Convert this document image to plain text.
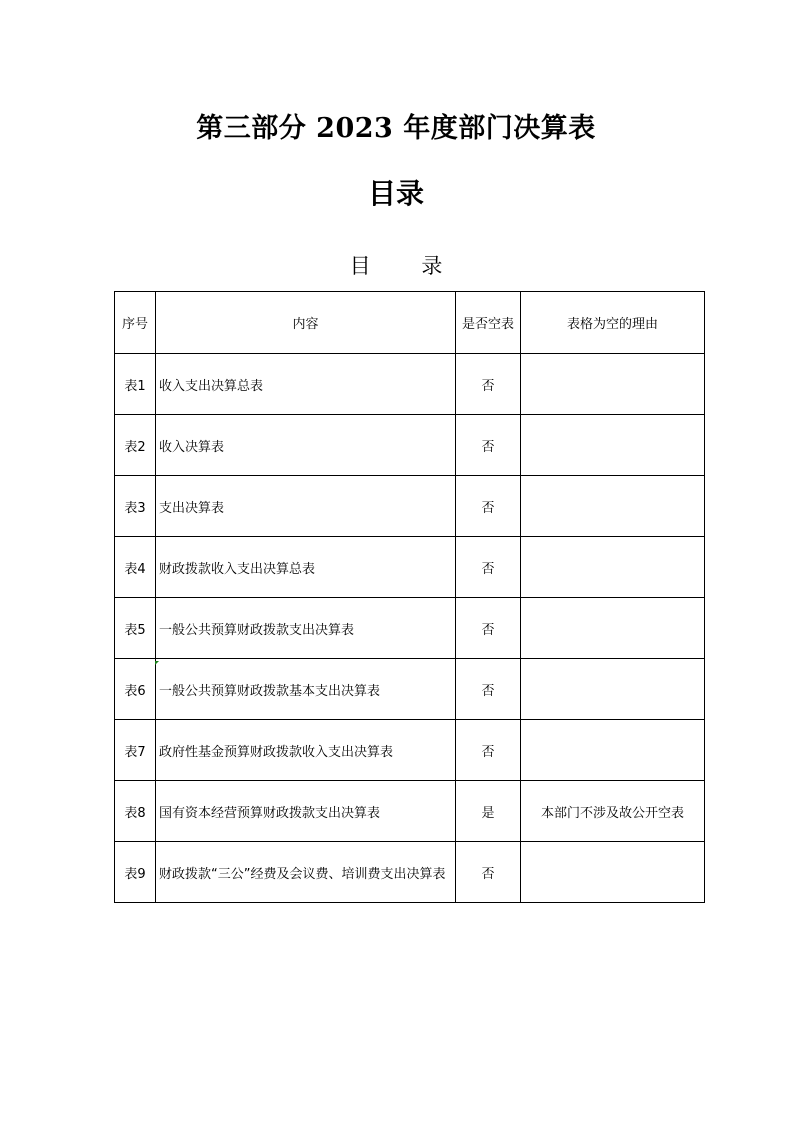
第三部分 2023 年度部门决算表
目录
目 录
序号	内容	是否空表	表格为空的理由
表1	收入支出决算总表	否	
表2	收入决算表	否	
表3	支出决算表	否	
表4	财政拨款收入支出决算总表	否	
表5	一般公共预算财政拨款支出决算表	否	
表6	一般公共预算财政拨款基本支出决算表	否	
表7	政府性基金预算财政拨款收入支出决算表	否	
表8	国有资本经营预算财政拨款支出决算表	是	本部门不涉及故公开空表
表9	财政拨款“三公”经费及会议费、培训费支出决算表	否	
